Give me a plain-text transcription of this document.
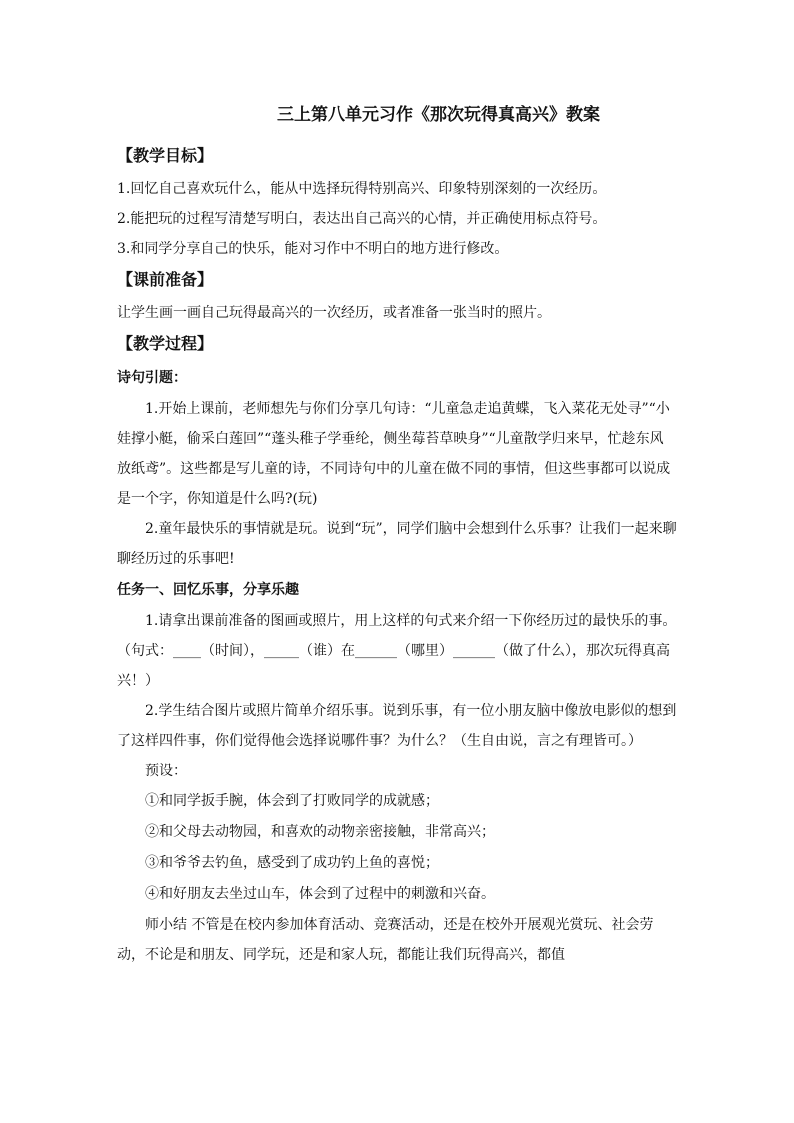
三上第八单元习作《那次玩得真高兴》教案
【教学目标】
1.回忆自己喜欢玩什么，能从中选择玩得特别高兴、印象特别深刻的一次经历。
2.能把玩的过程写清楚写明白，表达出自己高兴的心情，并正确使用标点符号。
3.和同学分享自己的快乐，能对习作中不明白的地方进行修改。
【课前准备】
让学生画一画自己玩得最高兴的一次经历，或者准备一张当时的照片。
【教学过程】
诗句引题：
1.开始上课前，老师想先与你们分享几句诗：“儿童急走追黄蝶，飞入菜花无处寻”“小娃撑小艇，偷采白莲回”“蓬头稚子学垂纶，侧坐莓苔草映身”“儿童散学归来早，忙趁东风放纸鸢”。这些都是写儿童的诗，不同诗句中的儿童在做不同的事情，但这些事都可以说成是一个字，你知道是什么吗?(玩)
2.童年最快乐的事情就是玩。说到“玩”，同学们脑中会想到什么乐事？让我们一起来聊聊经历过的乐事吧!
任务一、回忆乐事，分享乐趣
1.请拿出课前准备的图画或照片，用上这样的句式来介绍一下你经历过的最快乐的事。（句式：____（时间），_____（谁）在______（哪里）______（做了什么），那次玩得真高兴！）
2.学生结合图片或照片简单介绍乐事。说到乐事，有一位小朋友脑中像放电影似的想到了这样四件事，你们觉得他会选择说哪件事？为什么？（生自由说，言之有理皆可。）
预设：
①和同学扳手腕，体会到了打败同学的成就感；
②和父母去动物园，和喜欢的动物亲密接触，非常高兴；
③和爷爷去钓鱼，感受到了成功钓上鱼的喜悦；
④和好朋友去坐过山车，体会到了过程中的刺激和兴奋。
师小结 不管是在校内参加体育活动、竞赛活动，还是在校外开展观光赏玩、社会劳动，不论是和朋友、同学玩，还是和家人玩，都能让我们玩得高兴，都值
